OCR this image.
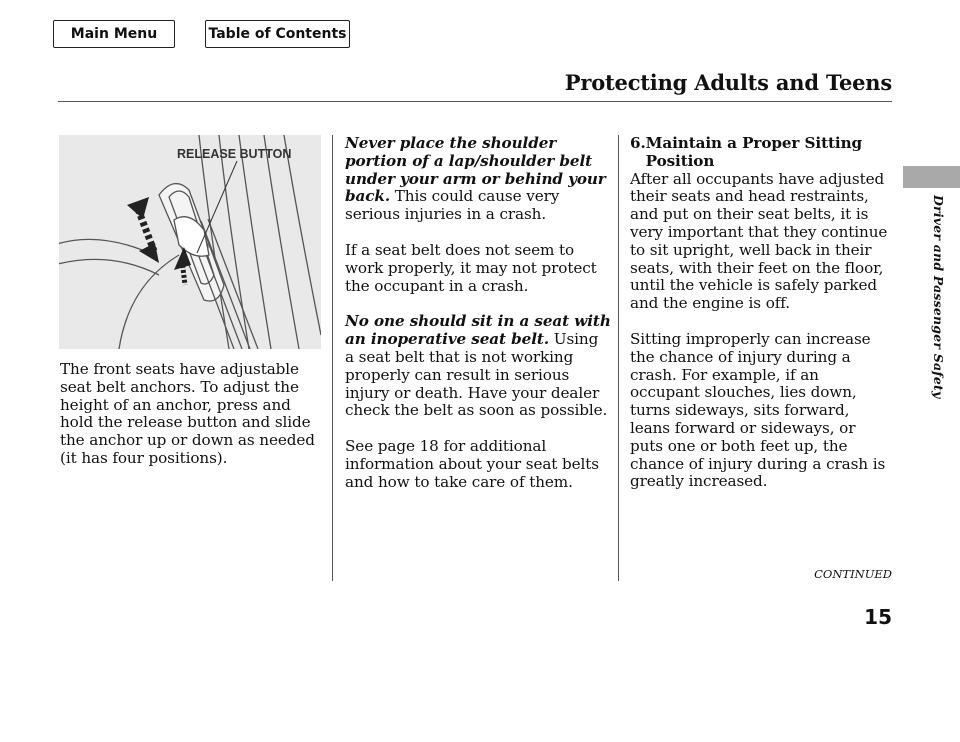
Main Menu	Table of Contents
Protecting Adults and Teens
RELEASE BUTTON

The front seats have adjustable seat belt anchors. To adjust the height of an anchor, press and hold the release button and slide the anchor up or down as needed (it has four positions).

Never place the shoulder portion of a lap/shoulder belt under your arm or behind your back. This could cause very serious injuries in a crash.

If a seat belt does not seem to work properly, it may not protect the occupant in a crash.

No one should sit in a seat with an inoperative seat belt. Using a seat belt that is not working properly can result in serious injury or death. Have your dealer check the belt as soon as possible.

See page 18 for additional information about your seat belts and how to take care of them.

6. Maintain a Proper Sitting Position

After all occupants have adjusted their seats and head restraints, and put on their seat belts, it is very important that they continue to sit upright, well back in their seats, with their feet on the floor, until the vehicle is safely parked and the engine is off.

Sitting improperly can increase the chance of injury during a crash. For example, if an occupant slouches, lies down, turns sideways, sits forward, leans forward or sideways, or puts one or both feet up, the chance of injury during a crash is greatly increased.

CONTINUED
15
Driver and Passenger Safety
